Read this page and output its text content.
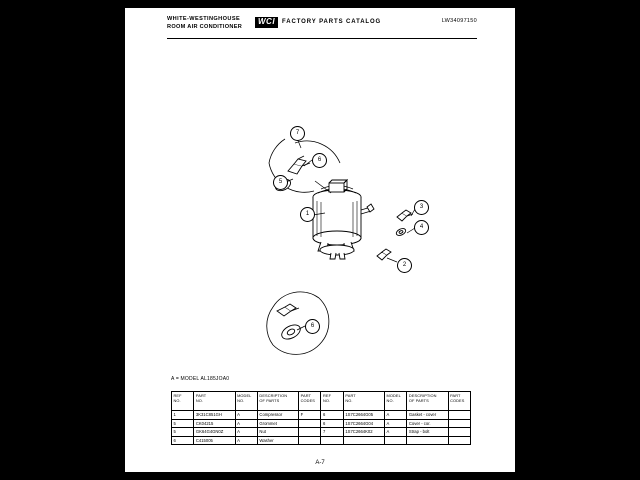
WHITE-WESTINGHOUSE
ROOM AIR CONDITIONER
WCI	FACTORY PARTS CATALOG	LW34097150
1
2
3
4
5
6
6
7
A = MODEL AL185JOA0
REF
NO.

PART
NO.

MODEL
NO.

DESCRIPTION
OF PARTS

PART
CODES

REF
NO.

PART
NO.

MODEL
NO.

DESCRIPTION
OF PARTS

PART
CODES

1	3K31C851GH	A	Compressor	F	6	1S7C2664G05	A	Gasket - cover	
5	CK04215	A	Grommet		6	1S7C2664G04	A	Cover - cor.	
5	GK64G4GN0Z	A	Nut		7	1S7C2664K02	A	Strap - bolt	
6	C415005	A	Washer						
A-7
